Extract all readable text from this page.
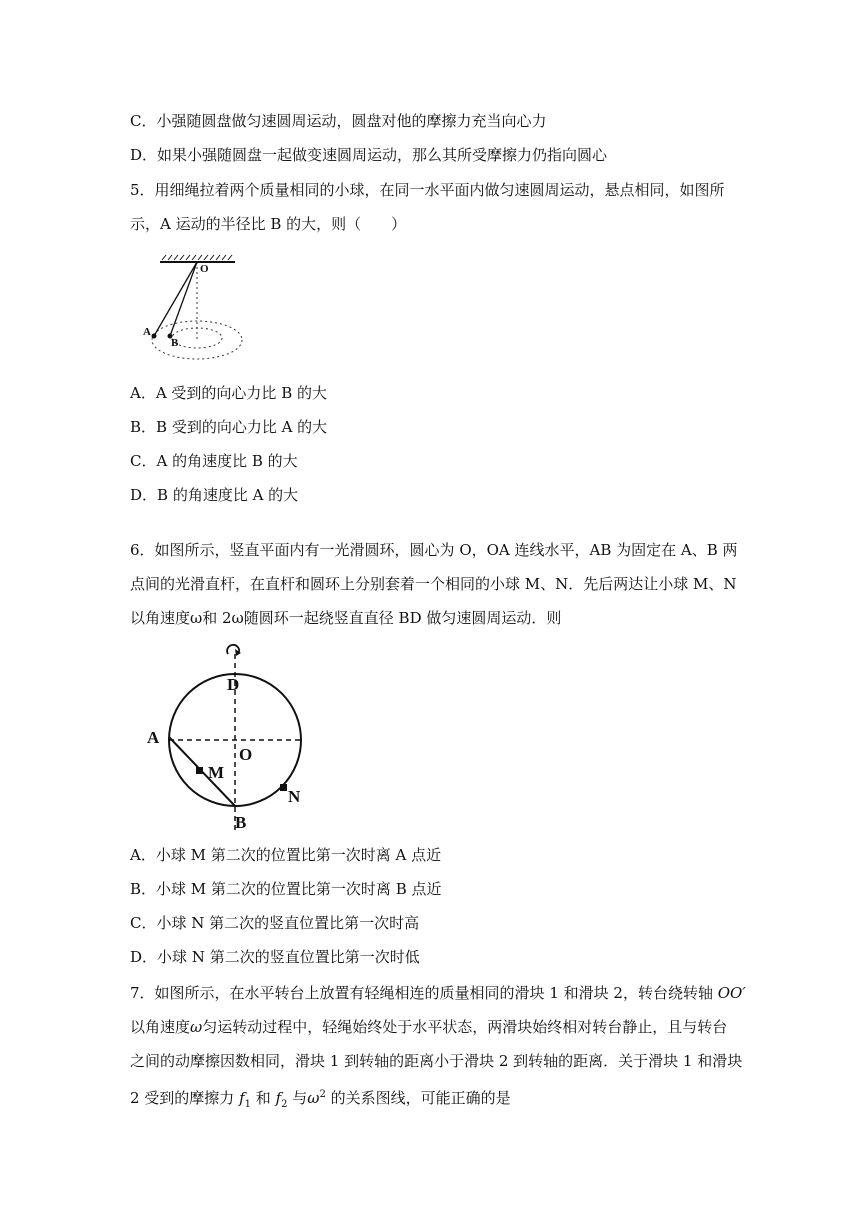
C．小强随圆盘做匀速圆周运动，圆盘对他的摩擦力充当向心力
D．如果小强随圆盘一起做变速圆周运动，那么其所受摩擦力仍指向圆心
5．用细绳拉着两个质量相同的小球，在同一水平面内做匀速圆周运动，悬点相同，如图所
示，A 运动的半径比 B 的大，则（　　）
O
A
B
A．A 受到的向心力比 B 的大
B．B 受到的向心力比 A 的大
C．A 的角速度比 B 的大
D．B 的角速度比 A 的大
6．如图所示，竖直平面内有一光滑圆环，圆心为 O，OA 连线水平，AB 为固定在 A、B 两
点间的光滑直杆，在直杆和圆环上分别套着一个相同的小球 M、N．先后两达让小球 M、N
以角速度ω和 2ω随圆环一起绕竖直直径 BD 做匀速圆周运动．则
D
A
O
M
N
B
A．小球 M 第二次的位置比第一次时离 A 点近
B．小球 M 第二次的位置比第一次时离 B 点近
C．小球 N 第二次的竖直位置比第一次时高
D．小球 N 第二次的竖直位置比第一次时低
7．如图所示，在水平转台上放置有轻绳相连的质量相同的滑块 1 和滑块 2，转台绕转轴 OO′
以角速度ω匀运转动过程中，轻绳始终处于水平状态，两滑块始终相对转台静止，且与转台
之间的动摩擦因数相同，滑块 1 到转轴的距离小于滑块 2 到转轴的距离．关于滑块 1 和滑块
2 受到的摩擦力 $f_1$ 和 $f_2$ 与$\omega^2$ 的关系图线，可能正确的是
